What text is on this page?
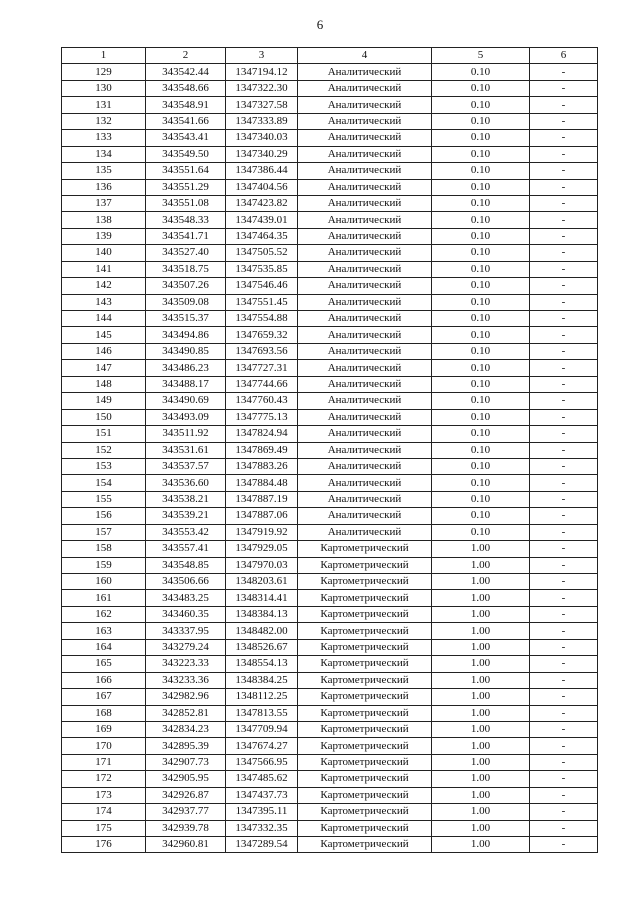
6
1	2	3	4	5	6
129	343542.44	1347194.12	Аналитический	0.10	-
130	343548.66	1347322.30	Аналитический	0.10	-
131	343548.91	1347327.58	Аналитический	0.10	-
132	343541.66	1347333.89	Аналитический	0.10	-
133	343543.41	1347340.03	Аналитический	0.10	-
134	343549.50	1347340.29	Аналитический	0.10	-
135	343551.64	1347386.44	Аналитический	0.10	-
136	343551.29	1347404.56	Аналитический	0.10	-
137	343551.08	1347423.82	Аналитический	0.10	-
138	343548.33	1347439.01	Аналитический	0.10	-
139	343541.71	1347464.35	Аналитический	0.10	-
140	343527.40	1347505.52	Аналитический	0.10	-
141	343518.75	1347535.85	Аналитический	0.10	-
142	343507.26	1347546.46	Аналитический	0.10	-
143	343509.08	1347551.45	Аналитический	0.10	-
144	343515.37	1347554.88	Аналитический	0.10	-
145	343494.86	1347659.32	Аналитический	0.10	-
146	343490.85	1347693.56	Аналитический	0.10	-
147	343486.23	1347727.31	Аналитический	0.10	-
148	343488.17	1347744.66	Аналитический	0.10	-
149	343490.69	1347760.43	Аналитический	0.10	-
150	343493.09	1347775.13	Аналитический	0.10	-
151	343511.92	1347824.94	Аналитический	0.10	-
152	343531.61	1347869.49	Аналитический	0.10	-
153	343537.57	1347883.26	Аналитический	0.10	-
154	343536.60	1347884.48	Аналитический	0.10	-
155	343538.21	1347887.19	Аналитический	0.10	-
156	343539.21	1347887.06	Аналитический	0.10	-
157	343553.42	1347919.92	Аналитический	0.10	-
158	343557.41	1347929.05	Картометрический	1.00	-
159	343548.85	1347970.03	Картометрический	1.00	-
160	343506.66	1348203.61	Картометрический	1.00	-
161	343483.25	1348314.41	Картометрический	1.00	-
162	343460.35	1348384.13	Картометрический	1.00	-
163	343337.95	1348482.00	Картометрический	1.00	-
164	343279.24	1348526.67	Картометрический	1.00	-
165	343223.33	1348554.13	Картометрический	1.00	-
166	343233.36	1348384.25	Картометрический	1.00	-
167	342982.96	1348112.25	Картометрический	1.00	-
168	342852.81	1347813.55	Картометрический	1.00	-
169	342834.23	1347709.94	Картометрический	1.00	-
170	342895.39	1347674.27	Картометрический	1.00	-
171	342907.73	1347566.95	Картометрический	1.00	-
172	342905.95	1347485.62	Картометрический	1.00	-
173	342926.87	1347437.73	Картометрический	1.00	-
174	342937.77	1347395.11	Картометрический	1.00	-
175	342939.78	1347332.35	Картометрический	1.00	-
176	342960.81	1347289.54	Картометрический	1.00	-
